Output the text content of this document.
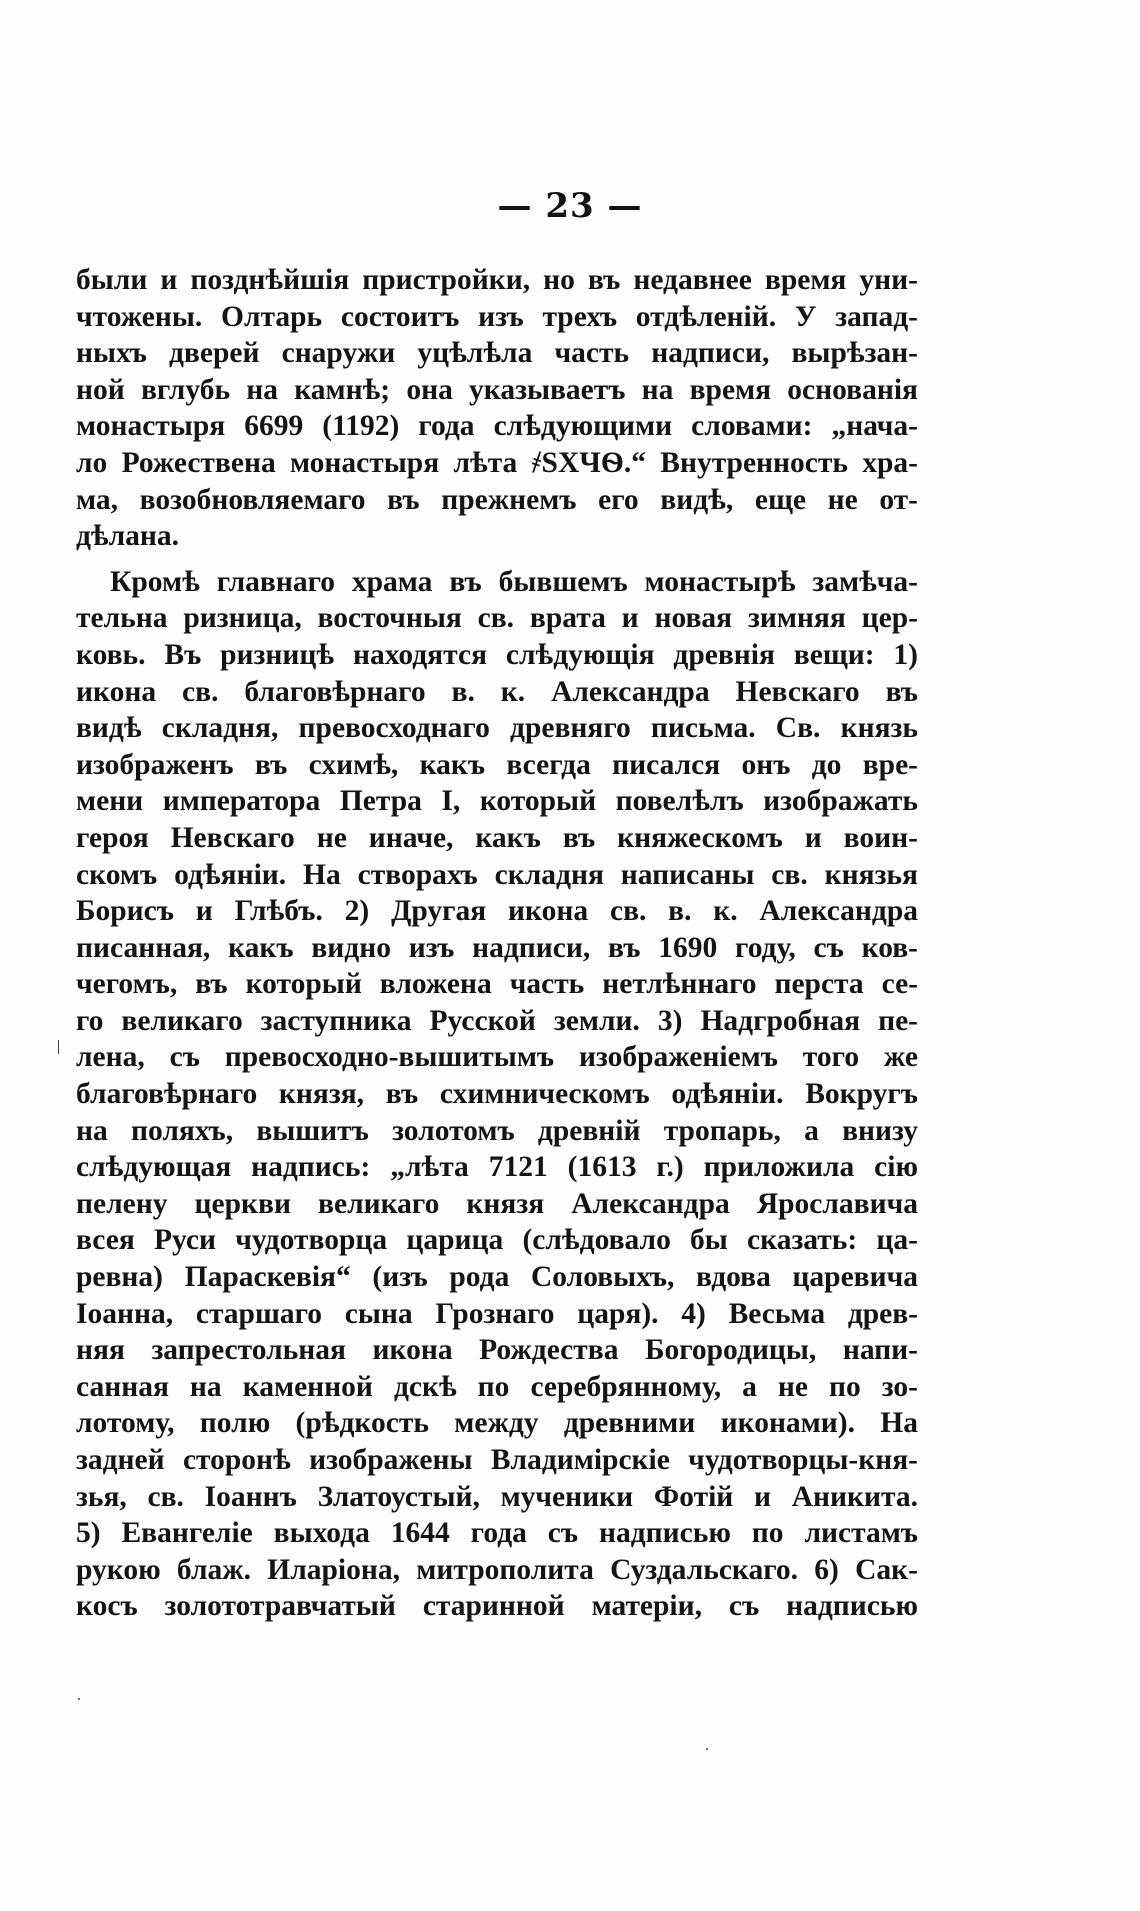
— 23 —
были и позднѣйшія пристройки, но въ недавнее время уни-
чтожены. Олтарь состоитъ изъ трехъ отдѣленій. У запад-
ныхъ дверей снаружи уцѣлѣла часть надписи, вырѣзан-
ной вглубь на камнѣ; она указываетъ на время основанія
монастыря 6699 (1192) года слѣдующими словами: „нача-
ло Рожествена монастыря лѣта ҂ЅХЧѲ.“ Внутренность хра-
ма, возобновляемаго въ прежнемъ его видѣ, еще не от-
дѣлана.
Кромѣ главнаго храма въ бывшемъ монастырѣ замѣча-
тельна ризница, восточныя св. врата и новая зимняя цер-
ковь. Въ ризницѣ находятся слѣдующія древнія вещи: 1)
икона св. благовѣрнаго в. к. Александра Невскаго въ
видѣ складня, превосходнаго древняго письма. Св. князь
изображенъ въ схимѣ, какъ всегда писался онъ до вре-
мени императора Петра I, который повелѣлъ изображать
героя Невскаго не иначе, какъ въ княжескомъ и воин-
скомъ одѣяніи. На створахъ складня написаны св. князья
Борисъ и Глѣбъ. 2) Другая икона св. в. к. Александра
писанная, какъ видно изъ надписи, въ 1690 году, съ ков-
чегомъ, въ который вложена часть нетлѣннаго перста се-
го великаго заступника Русской земли. 3) Надгробная пе-
лена, съ превосходно-вышитымъ изображеніемъ того же
благовѣрнаго князя, въ схимническомъ одѣяніи. Вокругъ
на поляхъ, вышитъ золотомъ древній тропарь, а внизу
слѣдующая надпись: „лѣта 7121 (1613 г.) приложила сію
пелену церкви великаго князя Александра Ярославича
всея Руси чудотворца царица (слѣдовало бы сказать: ца-
ревна) Параскевія“ (изъ рода Соловыхъ, вдова царевича
Іоанна, старшаго сына Грознаго царя). 4) Весьма древ-
няя запрестольная икона Рождества Богородицы, напи-
санная на каменной дскѣ по серебрянному, а не по зо-
лотому, полю (рѣдкость между древними иконами). На
задней сторонѣ изображены Владимірскіе чудотворцы-кня-
зья, св. Іоаннъ Златоустый, мученики Фотій и Аникита.
5) Евангеліе выхода 1644 года съ надписью по листамъ
рукою блаж. Иларіона, митрополита Суздальскаго. 6) Сак-
косъ золототравчатый старинной матеріи, съ надписью
